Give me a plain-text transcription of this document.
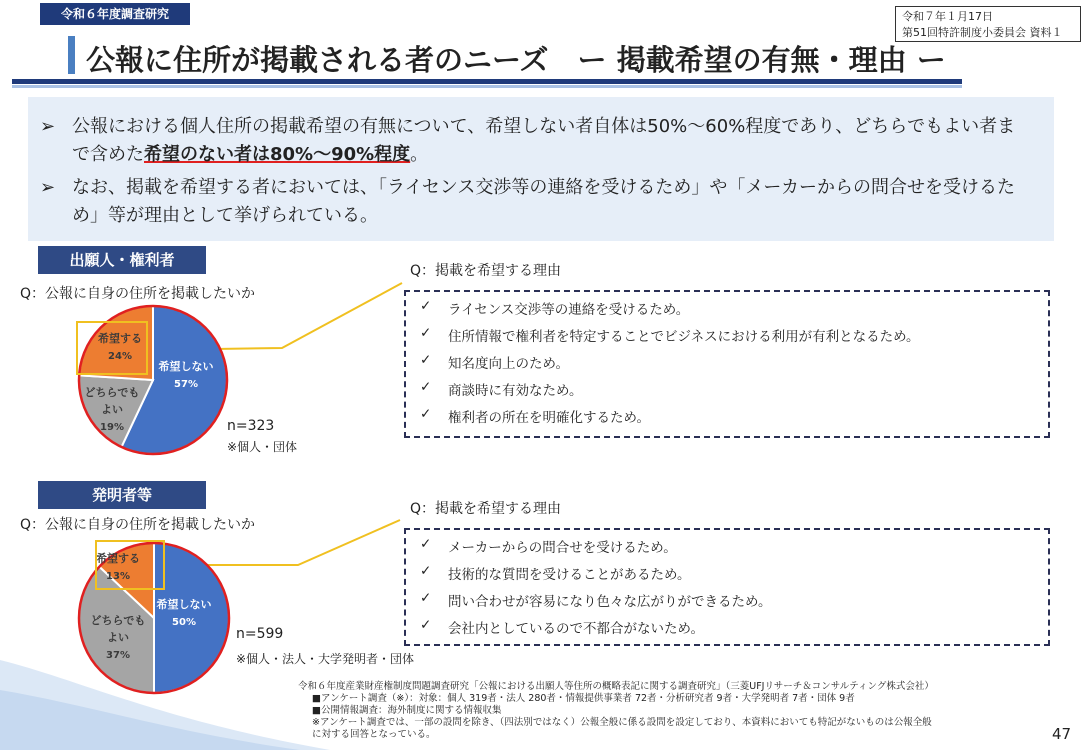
令和６年度調査研究	令和７年１月17日
第51回特許制度小委員会 資料１
公報に住所が掲載される者のニーズ　ー 掲載希望の有無・理由 ー
➢ 公報における個人住所の掲載希望の有無について、希望しない者自体は50%〜60%程度であり、どちらでもよい者まで含めた希望のない者は80%〜90%程度。
➢ なお、掲載を希望する者においては、「ライセンス交渉等の連絡を受けるため」や「メーカーからの問合せを受けるため」等が理由として挙げられている。
出願人・権利者
Q：公報に自身の住所を掲載したいか
Q：掲載を希望する理由
n=323
※個人・団体
希望しない
57%
どちらでも
よい
19%
希望する
24%
✓ ライセンス交渉等の連絡を受けるため。
✓ 住所情報で権利者を特定することでビジネスにおける利用が有利となるため。
✓ 知名度向上のため。
✓ 商談時に有効なため。
✓ 権利者の所在を明確化するため。
発明者等
Q：公報に自身の住所を掲載したいか
Q：掲載を希望する理由
n=599
※個人・法人・大学発明者・団体
希望しない
50%
どちらでも
よい
37%
希望する
13%
✓ メーカーからの問合せを受けるため。
✓ 技術的な質問を受けることがあるため。
✓ 問い合わせが容易になり色々な広がりができるため。
✓ 会社内としているので不都合がないため。
令和６年度産業財産権制度問題調査研究「公報における出願人等住所の概略表記に関する調査研究」（三菱UFJリサーチ＆コンサルティング株式会社）
■アンケート調査（※）：対象：個人 319者・法人 280者・情報提供事業者 72者・分析研究者 9者・大学発明者 7者・団体 9者
■公開情報調査：海外制度に関する情報収集
※アンケート調査では、一部の設問を除き、（四法別ではなく）公報全般に係る設問を設定しており、本資料においても特記がないものは公報全般
に対する回答となっている。	47
